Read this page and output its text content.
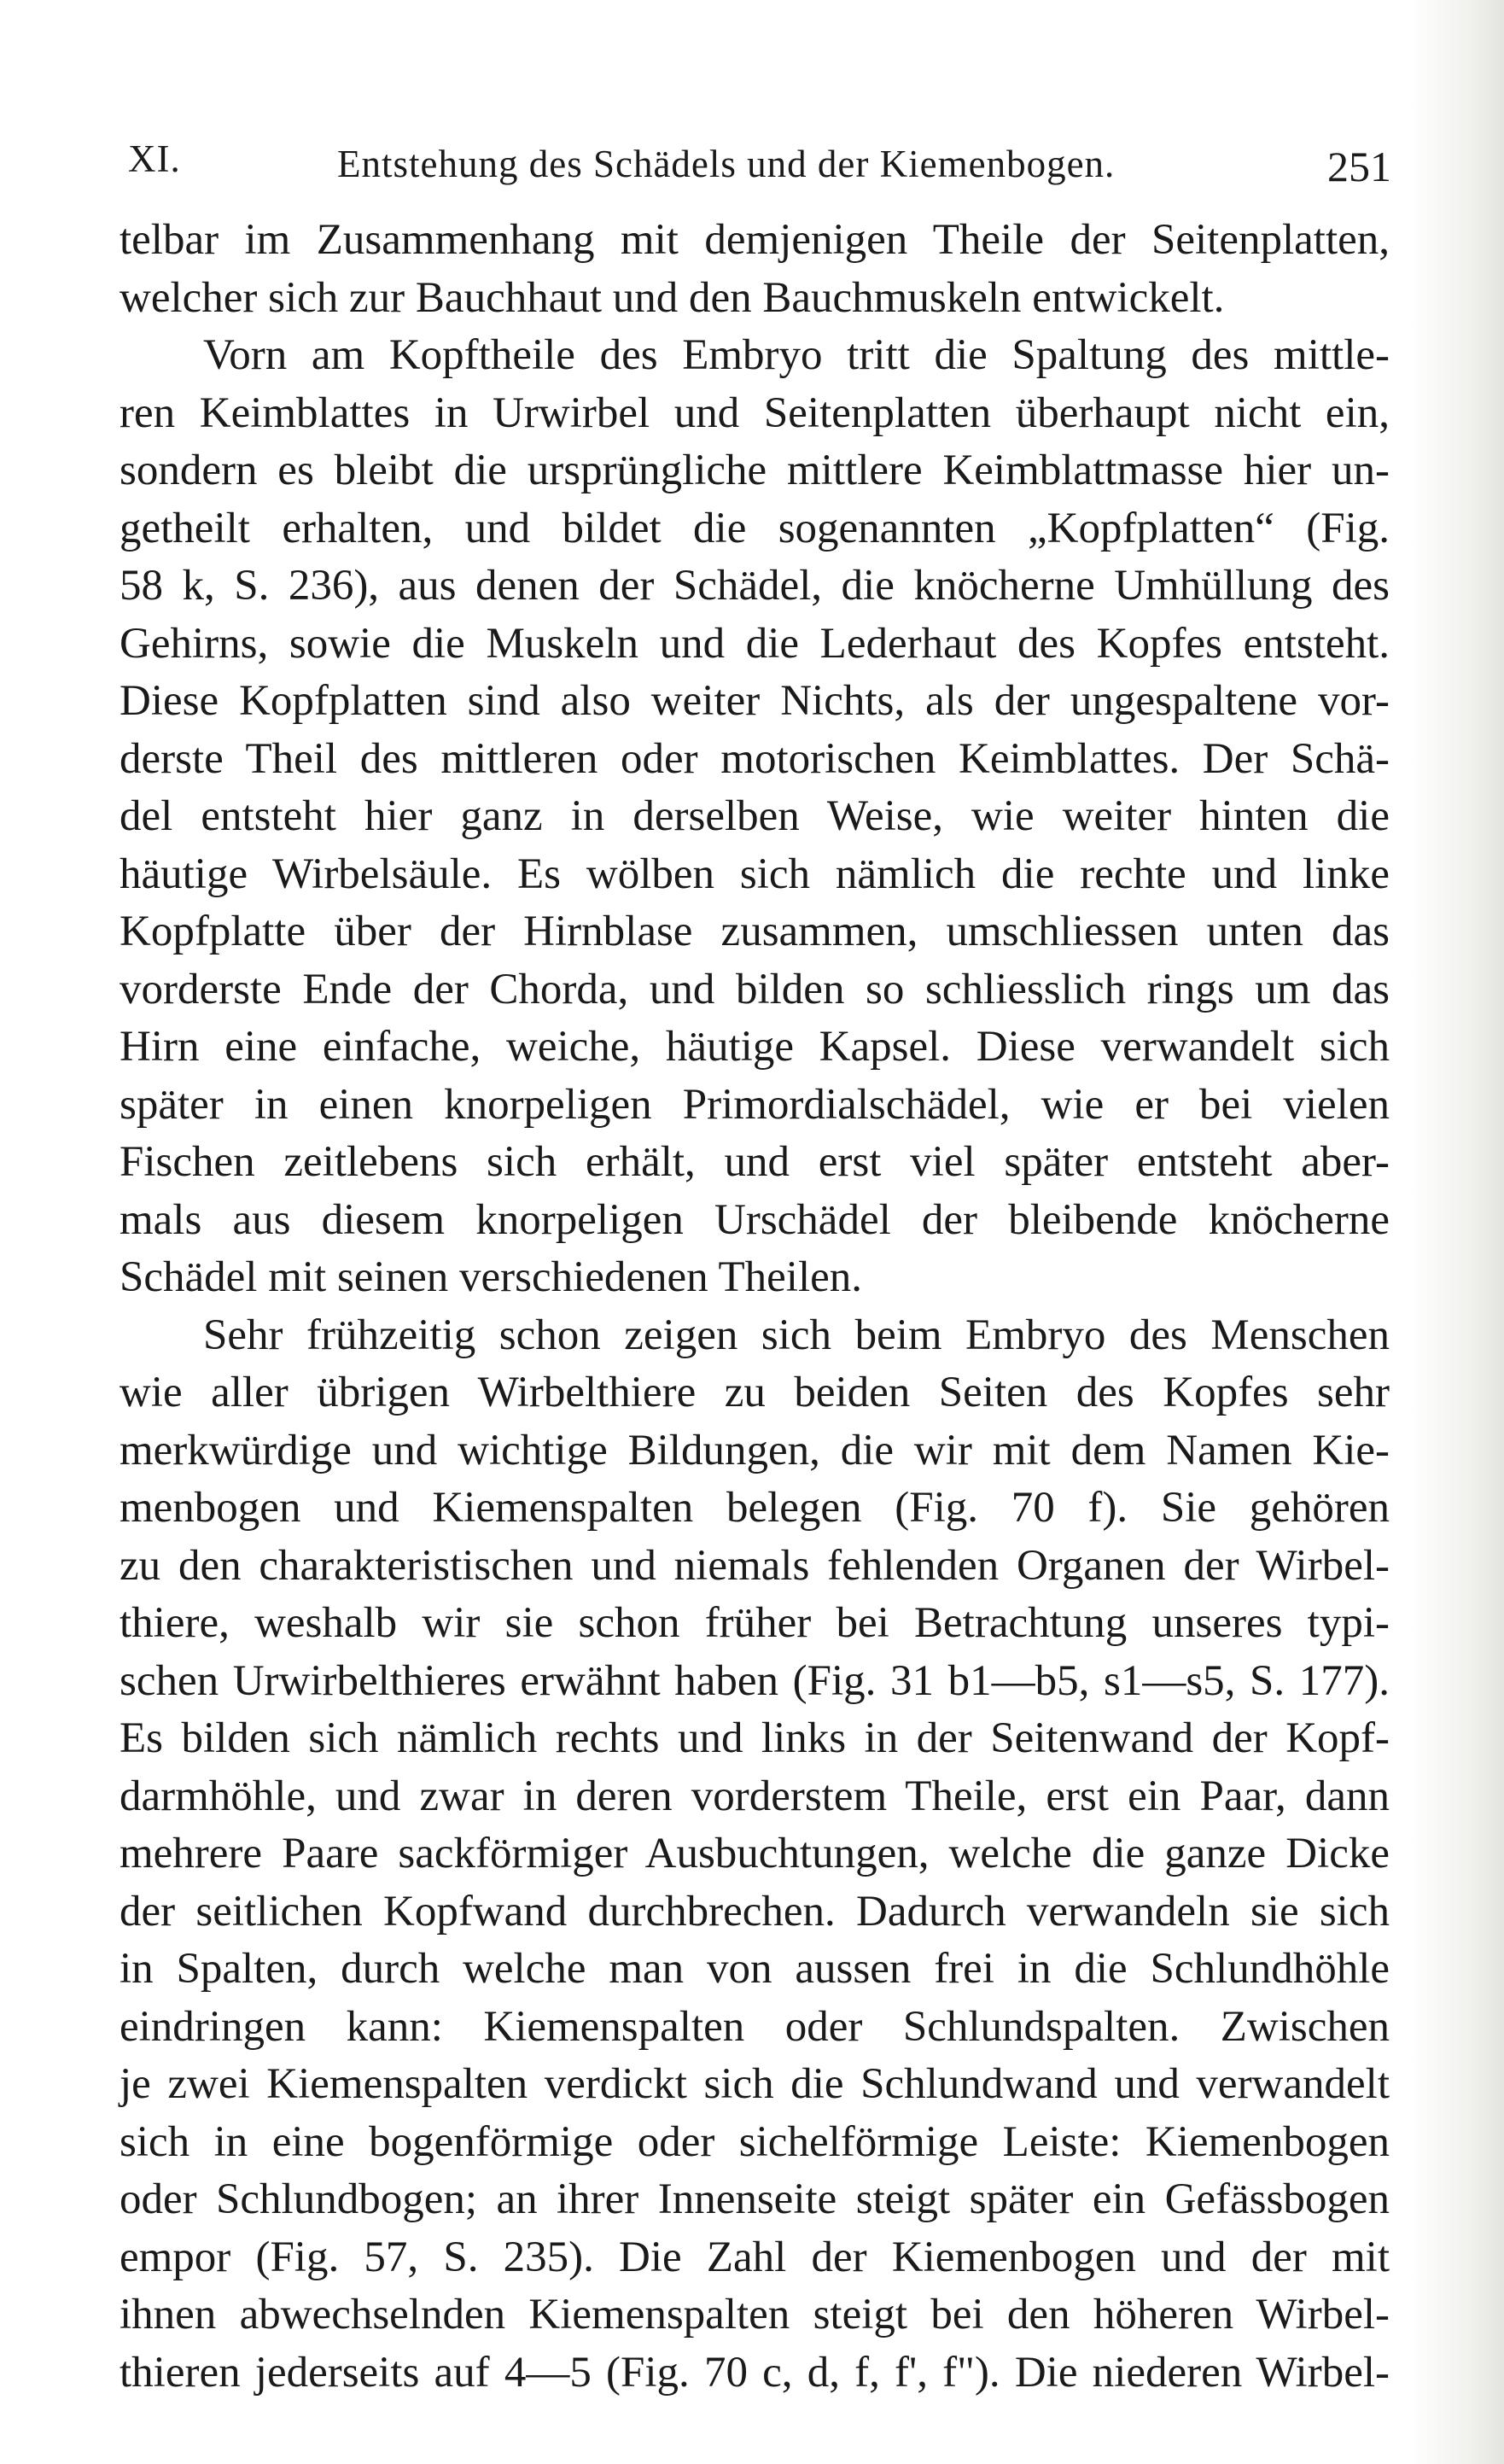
XI.	Entstehung des Schädels und der Kiemenbogen.	251
telbar im Zusammenhang mit demjenigen Theile der Seitenplatten,
welcher sich zur Bauchhaut und den Bauchmuskeln entwickelt.
Vorn am Kopftheile des Embryo tritt die Spaltung des mittle-
ren Keimblattes in Urwirbel und Seitenplatten überhaupt nicht ein,
sondern es bleibt die ursprüngliche mittlere Keimblattmasse hier un-
getheilt erhalten, und bildet die sogenannten „Kopfplatten“ (Fig.
58 k, S. 236), aus denen der Schädel, die knöcherne Umhüllung des
Gehirns, sowie die Muskeln und die Lederhaut des Kopfes entsteht.
Diese Kopfplatten sind also weiter Nichts, als der ungespaltene vor-
derste Theil des mittleren oder motorischen Keimblattes. Der Schä-
del entsteht hier ganz in derselben Weise, wie weiter hinten die
häutige Wirbelsäule. Es wölben sich nämlich die rechte und linke
Kopfplatte über der Hirnblase zusammen, umschliessen unten das
vorderste Ende der Chorda, und bilden so schliesslich rings um das
Hirn eine einfache, weiche, häutige Kapsel. Diese verwandelt sich
später in einen knorpeligen Primordialschädel, wie er bei vielen
Fischen zeitlebens sich erhält, und erst viel später entsteht aber-
mals aus diesem knorpeligen Urschädel der bleibende knöcherne
Schädel mit seinen verschiedenen Theilen.
Sehr frühzeitig schon zeigen sich beim Embryo des Menschen
wie aller übrigen Wirbelthiere zu beiden Seiten des Kopfes sehr
merkwürdige und wichtige Bildungen, die wir mit dem Namen Kie-
menbogen und Kiemenspalten belegen (Fig. 70 f). Sie gehören
zu den charakteristischen und niemals fehlenden Organen der Wirbel-
thiere, weshalb wir sie schon früher bei Betrachtung unseres typi-
schen Urwirbelthieres erwähnt haben (Fig. 31 b1—b5, s1—s5, S. 177).
Es bilden sich nämlich rechts und links in der Seitenwand der Kopf-
darmhöhle, und zwar in deren vorderstem Theile, erst ein Paar, dann
mehrere Paare sackförmiger Ausbuchtungen, welche die ganze Dicke
der seitlichen Kopfwand durchbrechen. Dadurch verwandeln sie sich
in Spalten, durch welche man von aussen frei in die Schlundhöhle
eindringen kann: Kiemenspalten oder Schlundspalten. Zwischen
je zwei Kiemenspalten verdickt sich die Schlundwand und verwandelt
sich in eine bogenförmige oder sichelförmige Leiste: Kiemenbogen
oder Schlundbogen; an ihrer Innenseite steigt später ein Gefässbogen
empor (Fig. 57, S. 235). Die Zahl der Kiemenbogen und der mit
ihnen abwechselnden Kiemenspalten steigt bei den höheren Wirbel-
thieren jederseits auf 4—5 (Fig. 70 c, d, f, f', f"). Die niederen Wirbel-
